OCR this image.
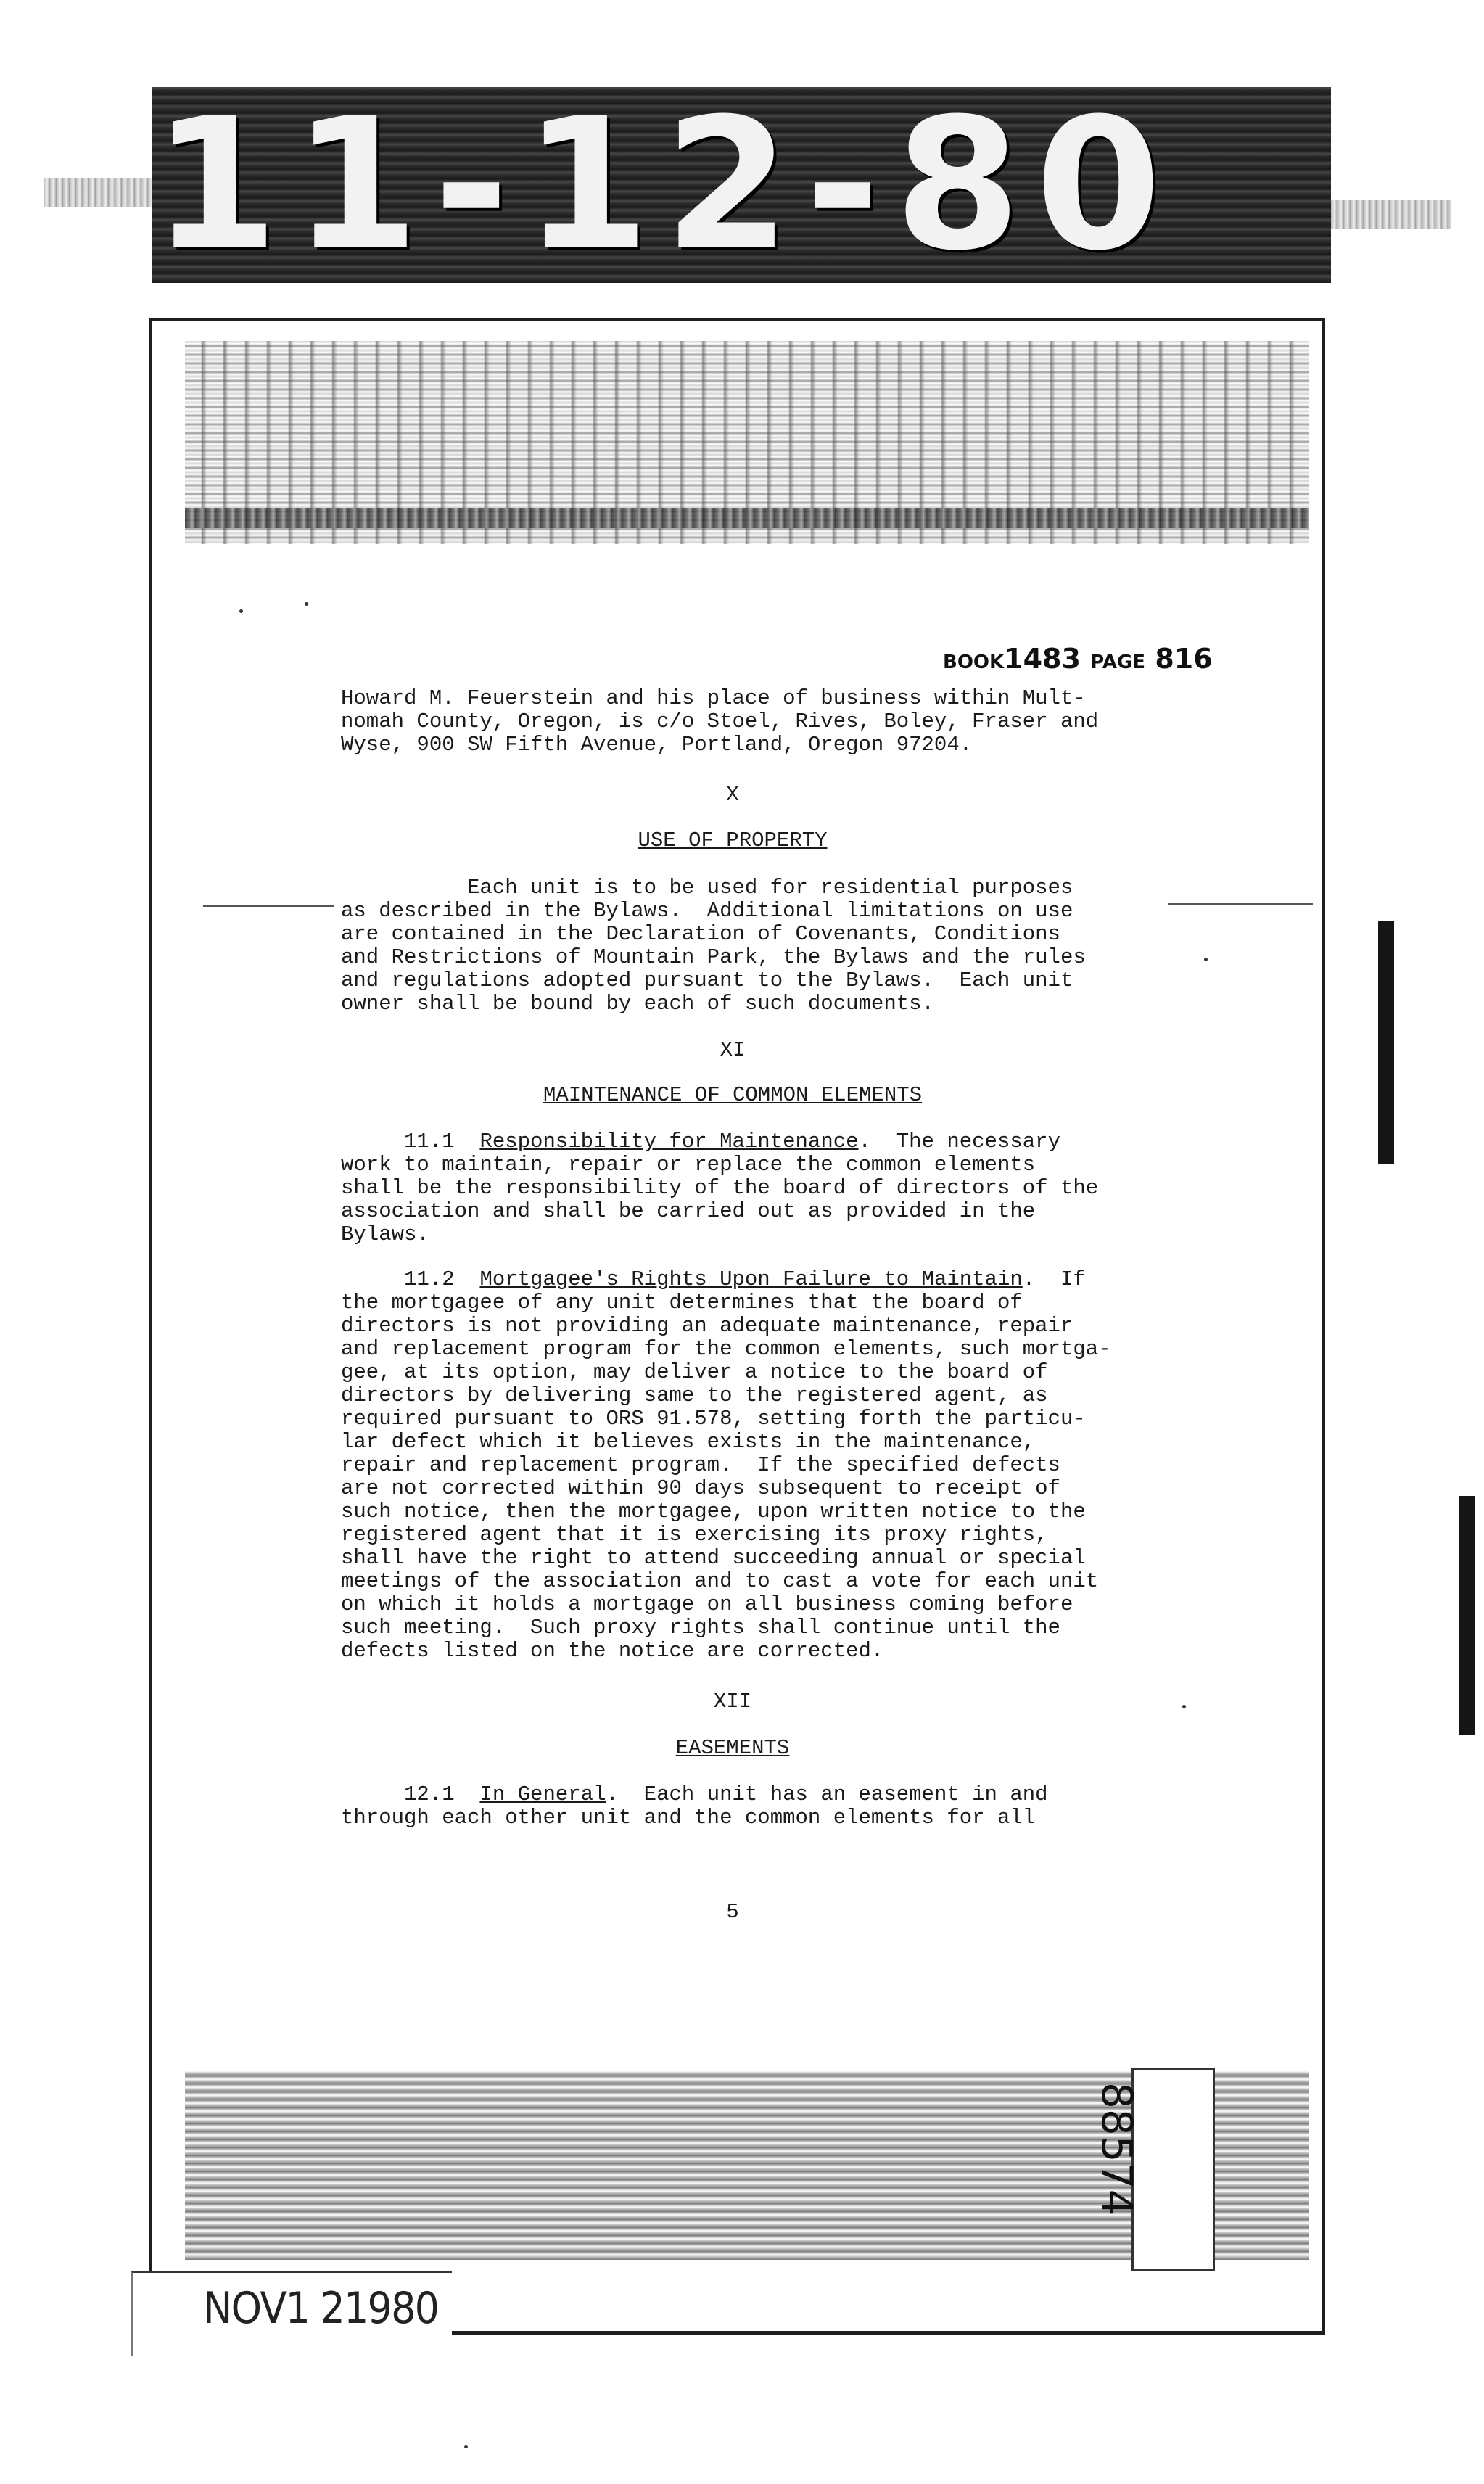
11-12-80
BOOK1483 PAGE 816
Howard M. Feuerstein and his place of business within Mult-
nomah County, Oregon, is c/o Stoel, Rives, Boley, Fraser and
Wyse, 900 SW Fifth Avenue, Portland, Oregon 97204.
X
USE OF PROPERTY
Each unit is to be used for residential purposes
as described in the Bylaws.  Additional limitations on use
are contained in the Declaration of Covenants, Conditions
and Restrictions of Mountain Park, the Bylaws and the rules
and regulations adopted pursuant to the Bylaws.  Each unit
owner shall be bound by each of such documents.
XI
MAINTENANCE OF COMMON ELEMENTS
11.1  Responsibility for Maintenance.  The necessary
work to maintain, repair or replace the common elements
shall be the responsibility of the board of directors of the
association and shall be carried out as provided in the
Bylaws.
11.2  Mortgagee's Rights Upon Failure to Maintain.  If
the mortgagee of any unit determines that the board of
directors is not providing an adequate maintenance, repair
and replacement program for the common elements, such mortga-
gee, at its option, may deliver a notice to the board of
directors by delivering same to the registered agent, as
required pursuant to ORS 91.578, setting forth the particu-
lar defect which it believes exists in the maintenance,
repair and replacement program.  If the specified defects
are not corrected within 90 days subsequent to receipt of
such notice, then the mortgagee, upon written notice to the
registered agent that it is exercising its proxy rights,
shall have the right to attend succeeding annual or special
meetings of the association and to cast a vote for each unit
on which it holds a mortgage on all business coming before
such meeting.  Such proxy rights shall continue until the
defects listed on the notice are corrected.
XII
EASEMENTS
12.1  In General.  Each unit has an easement in and
through each other unit and the common elements for all
5
88574
NOV1 21980
